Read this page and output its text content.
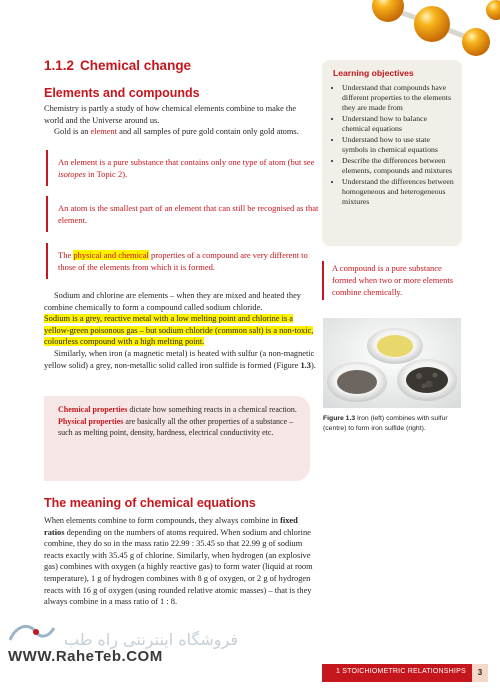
1.1.2 Chemical change
Elements and compounds
Chemistry is partly a study of how chemical elements combine to make the world and the Universe around us.
Gold is an element and all samples of pure gold contain only gold atoms.
An element is a pure substance that contains only one type of atom (but see isotopes in Topic 2).
An atom is the smallest part of an element that can still be recognised as that element.
The physical and chemical properties of a compound are very different to those of the elements from which it is formed.
Sodium and chlorine are elements – when they are mixed and heated they combine chemically to form a compound called sodium chloride.
Sodium is a grey, reactive metal with a low melting point and chlorine is a yellow-green poisonous gas – but sodium chloride (common salt) is a non-toxic, colourless compound with a high melting point.
Similarly, when iron (a magnetic metal) is heated with sulfur (a non-magnetic yellow solid) a grey, non-metallic solid called iron sulfide is formed (Figure 1.3).
Chemical properties dictate how something reacts in a chemical reaction.
Physical properties are basically all the other properties of a substance – such as melting point, density, hardness, electrical conductivity etc.
Learning objectives
• Understand that compounds have different properties to the elements they are made from
• Understand how to balance chemical equations
• Understand how to use state symbols in chemical equations
• Describe the differences between elements, compounds and mixtures
• Understand the differences between homogeneous and heterogeneous mixtures
A compound is a pure substance formed when two or more elements combine chemically.
Figure 1.3 Iron (left) combines with sulfur (centre) to form iron sulfide (right).
The meaning of chemical equations
When elements combine to form compounds, they always combine in fixed ratios depending on the numbers of atoms required. When sodium and chlorine combine, they do so in the mass ratio 22.99 : 35.45 so that 22.99 g of sodium reacts exactly with 35.45 g of chlorine. Similarly, when hydrogen (an explosive gas) combines with oxygen (a highly reactive gas) to form water (liquid at room temperature), 1 g of hydrogen combines with 8 g of oxygen, or 2 g of hydrogen reacts with 16 g of oxygen (using rounded relative atomic masses) – that is they always combine in a mass ratio of 1 : 8.
فروشگاه اینترنتی راه طب
WWW.RaheTeb.COM
1 STOICHIOMETRIC RELATIONSHIPS	3
